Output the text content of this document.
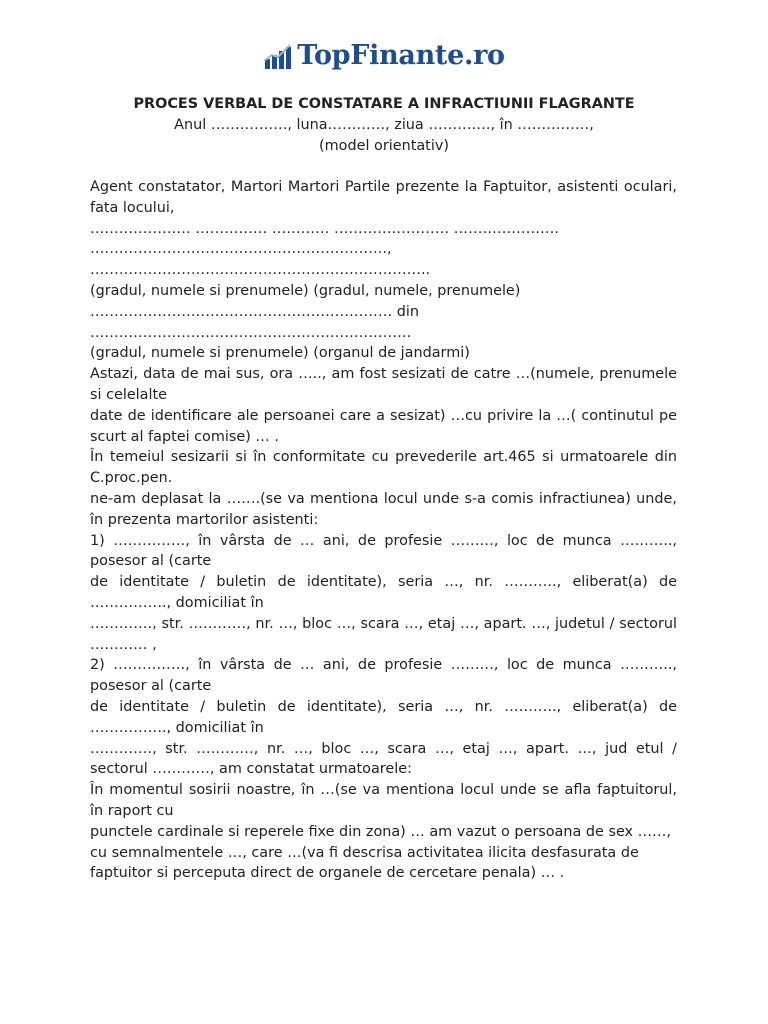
TopFinante.ro
PROCES VERBAL DE CONSTATARE A INFRACTIUNII FLAGRANTE
Anul ……………., luna…………, ziua …………., în ……………,
(model orientativ)

Agent constatator, Martori Martori Partile prezente la Faptuitor, asistenti oculari, fata locului,

………………… …………… ………… …………………… ………………….

……………………………………………………..,

……………………………………………………………..

(gradul, numele si prenumele) (gradul, numele, prenumele)

……………………………………………………… din

………………………………………………………….

(gradul, numele si prenumele) (organul de jandarmi)

Astazi, data de mai sus, ora ….., am fost sesizati de catre …(numele, prenumele si celelalte

date de identificare ale persoanei care a sesizat) …cu privire la …( continutul pe scurt al faptei comise) … .

În temeiul sesizarii si în conformitate cu prevederile art.465 si urmatoarele din C.proc.pen.

ne-am deplasat la …….(se va mentiona locul unde s-a comis infractiunea) unde, în prezenta martorilor asistenti:

1) ……………, în vârsta de … ani, de profesie ………, loc de munca ……….., posesor al (carte

de identitate / buletin de identitate), seria …, nr. ……….., eliberat(a) de ……………., domiciliat în

…………., str. …………, nr. …, bloc …, scara …, etaj …, apart. …, judetul / sectorul ………… ,

2) ……………, în vârsta de … ani, de profesie ………, loc de munca ……….., posesor al (carte

de identitate / buletin de identitate), seria …, nr. ……….., eliberat(a) de ……………., domiciliat în

…………., str. …………, nr. …, bloc …, scara …, etaj …, apart. …, jud etul / sectorul …………, am constatat urmatoarele:

În momentul sosirii noastre, în …(se va mentiona locul unde se afla faptuitorul, în raport cu

punctele cardinale si reperele fixe din zona) … am vazut o persoana de sex ……, cu semnalmentele …, care …(va fi descrisa activitatea ilicita desfasurata de faptuitor si perceputa direct de organele de cercetare penala) … .
